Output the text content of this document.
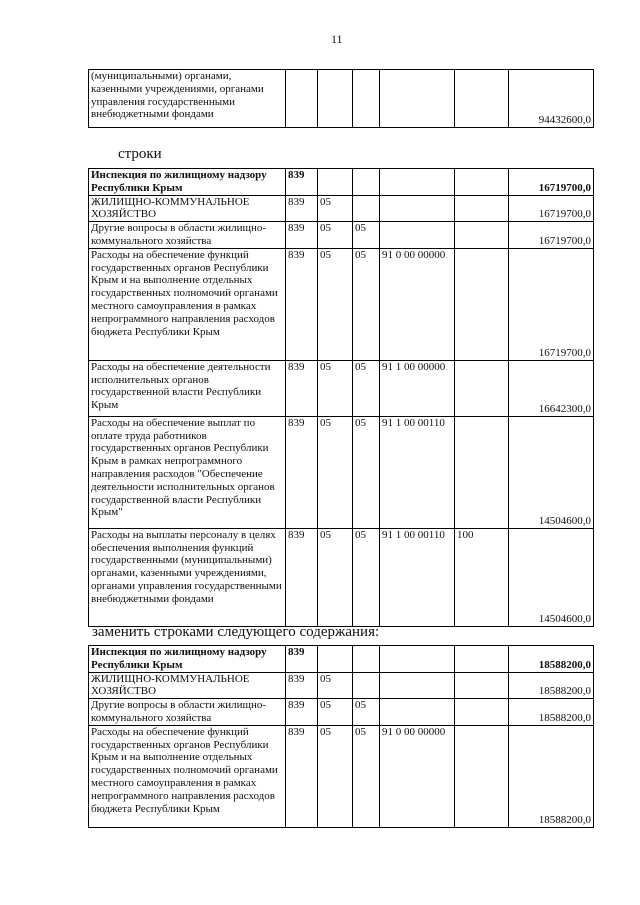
11
(муниципальными) органами, казенными учреждениями, органами управления государственными внебюджетными фондами						94432600,0
строки
Инспекция по жилищному надзору Республики Крым	839					16719700,0
ЖИЛИЩНО-КОММУНАЛЬНОЕ ХОЗЯЙСТВО	839	05				16719700,0
Другие вопросы в области жилищно-коммунального хозяйства	839	05	05			16719700,0
Расходы на обеспечение функций государственных органов Республики Крым и на выполнение отдельных государственных полномочий органами местного самоуправления в рамках непрограммного направления расходов бюджета Республики Крым	839	05	05	91 0 00 00000		16719700,0
Расходы на обеспечение деятельности исполнительных органов государственной власти Республики Крым	839	05	05	91 1 00 00000		16642300,0
Расходы на обеспечение выплат по оплате труда работников государственных органов Республики Крым в рамках непрограммного направления расходов "Обеспечение деятельности исполнительных органов государственной власти Республики Крым"	839	05	05	91 1 00 00110		14504600,0
Расходы на выплаты персоналу в целях обеспечения выполнения функций государственными (муниципальными) органами, казенными учреждениями, органами управления государственными внебюджетными фондами	839	05	05	91 1 00 00110	100	14504600,0
заменить строками следующего содержания:
Инспекция по жилищному надзору Республики Крым	839					18588200,0
ЖИЛИЩНО-КОММУНАЛЬНОЕ ХОЗЯЙСТВО	839	05				18588200,0
Другие вопросы в области жилищно-коммунального хозяйства	839	05	05			18588200,0
Расходы на обеспечение функций государственных органов Республики Крым и на выполнение отдельных государственных полномочий органами местного самоуправления в рамках непрограммного направления расходов бюджета Республики Крым	839	05	05	91 0 00 00000		18588200,0
